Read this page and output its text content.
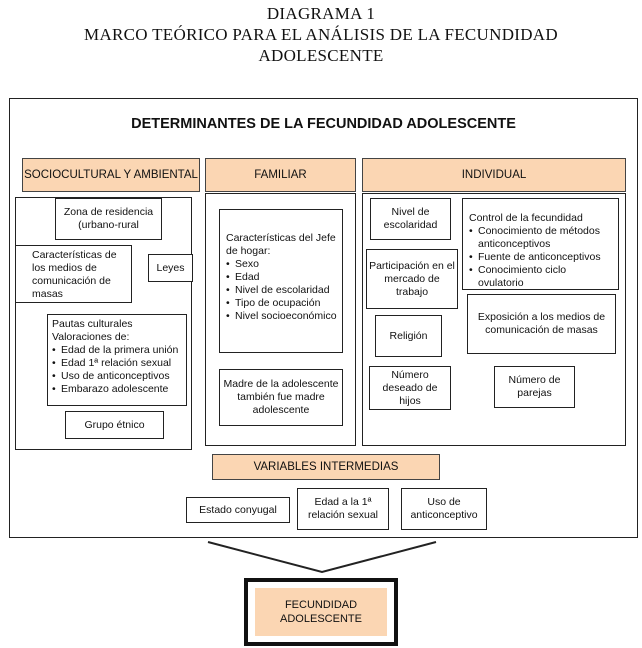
DIAGRAMA 1
MARCO TEÓRICO PARA EL ANÁLISIS DE LA FECUNDIDAD
ADOLESCENTE
DETERMINANTES DE LA FECUNDIDAD ADOLESCENTE
SOCIOCULTURAL Y AMBIENTAL	FAMILIAR	INDIVIDUAL
Zona de residencia
(urbano-rural
Características de los medios de comunicación de masas
Leyes
Pautas culturales Valoraciones de:
• Edad de la primera unión
• Edad 1ª relación sexual
• Uso de anticonceptivos
• Embarazo adolescente
Grupo étnico
Características del Jefe de hogar:
• Sexo
• Edad
• Nivel de escolaridad
• Tipo de ocupación
• Nivel socioeconómico
Madre de la adolescente también fue madre adolescente
Nivel de escolaridad
Control de la fecundidad
• Conocimiento de métodos anticonceptivos
• Fuente de anticonceptivos
• Conocimiento ciclo ovulatorio
Participación en el mercado de trabajo
Religión
Exposición a los medios de comunicación de masas
Número deseado de hijos
Número de parejas
VARIABLES INTERMEDIAS
Estado conyugal
Edad a la 1ª relación sexual
Uso de anticonceptivo
FECUNDIDAD
ADOLESCENTE
